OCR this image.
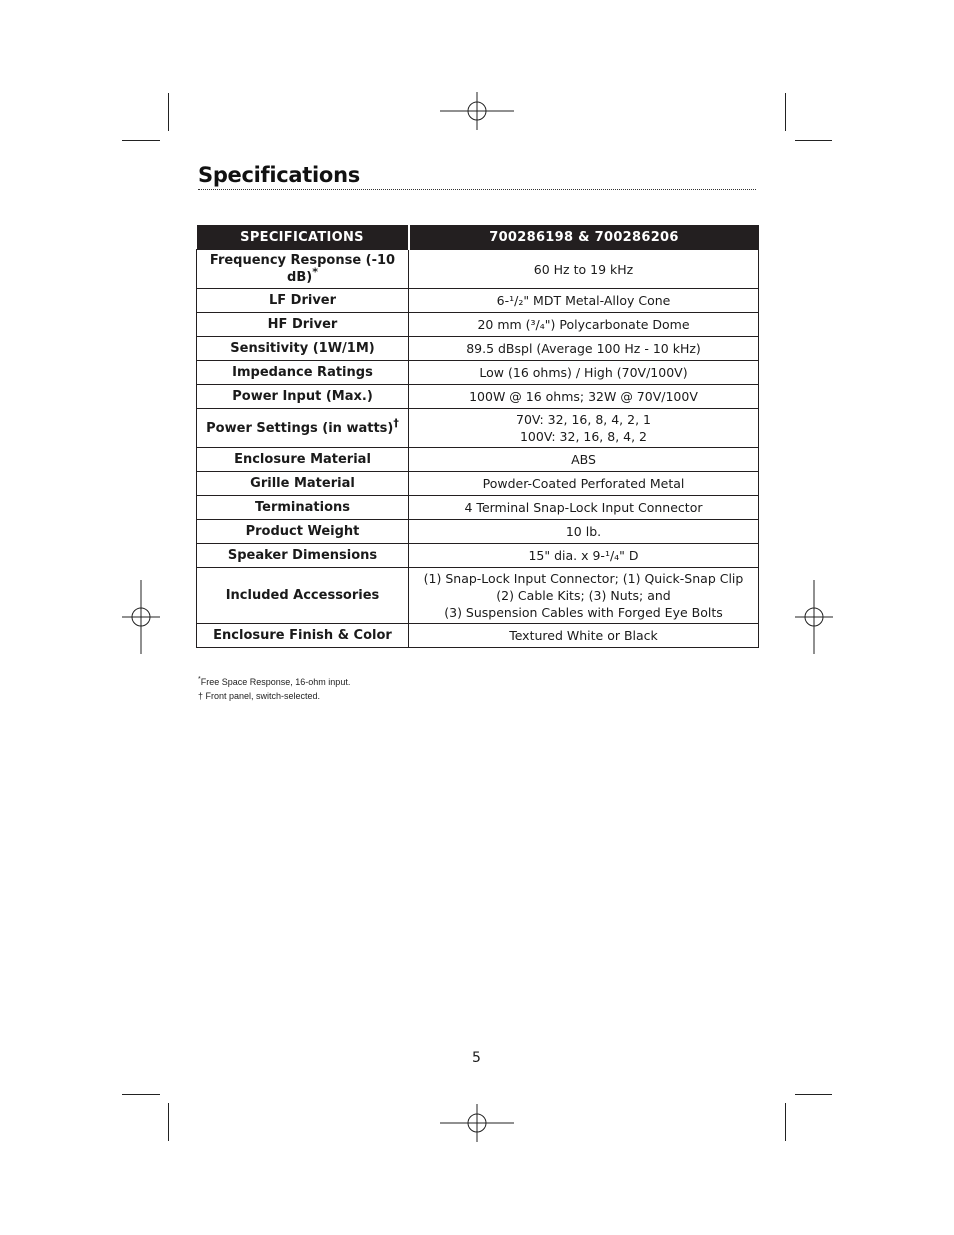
Specifications
SPECIFICATIONS	700286198 & 700286206
Frequency Response (-10 dB)*	60 Hz to 19 kHz

LF Driver	6-¹/₂" MDT Metal-Alloy Cone

HF Driver	20 mm (³/₄") Polycarbonate Dome

Sensitivity (1W/1M)	89.5 dBspl (Average 100 Hz - 10 kHz)

Impedance Ratings	Low (16 ohms) / High (70V/100V)

Power Input (Max.)	100W @ 16 ohms; 32W @ 70V/100V

Power Settings (in watts)†	70V: 32, 16, 8, 4, 2, 1
100V: 32, 16, 8, 4, 2

Enclosure Material	ABS

Grille Material	Powder-Coated Perforated Metal

Terminations	4 Terminal Snap-Lock Input Connector

Product Weight	10 lb.

Speaker Dimensions	15" dia. x 9-¹/₄" D

Included Accessories	(1) Snap-Lock Input Connector; (1) Quick-Snap Clip
(2) Cable Kits; (3) Nuts; and
(3) Suspension Cables with Forged Eye Bolts

Enclosure Finish & Color	Textured White or Black
*Free Space Response, 16-ohm input.
† Front panel, switch-selected.
5
